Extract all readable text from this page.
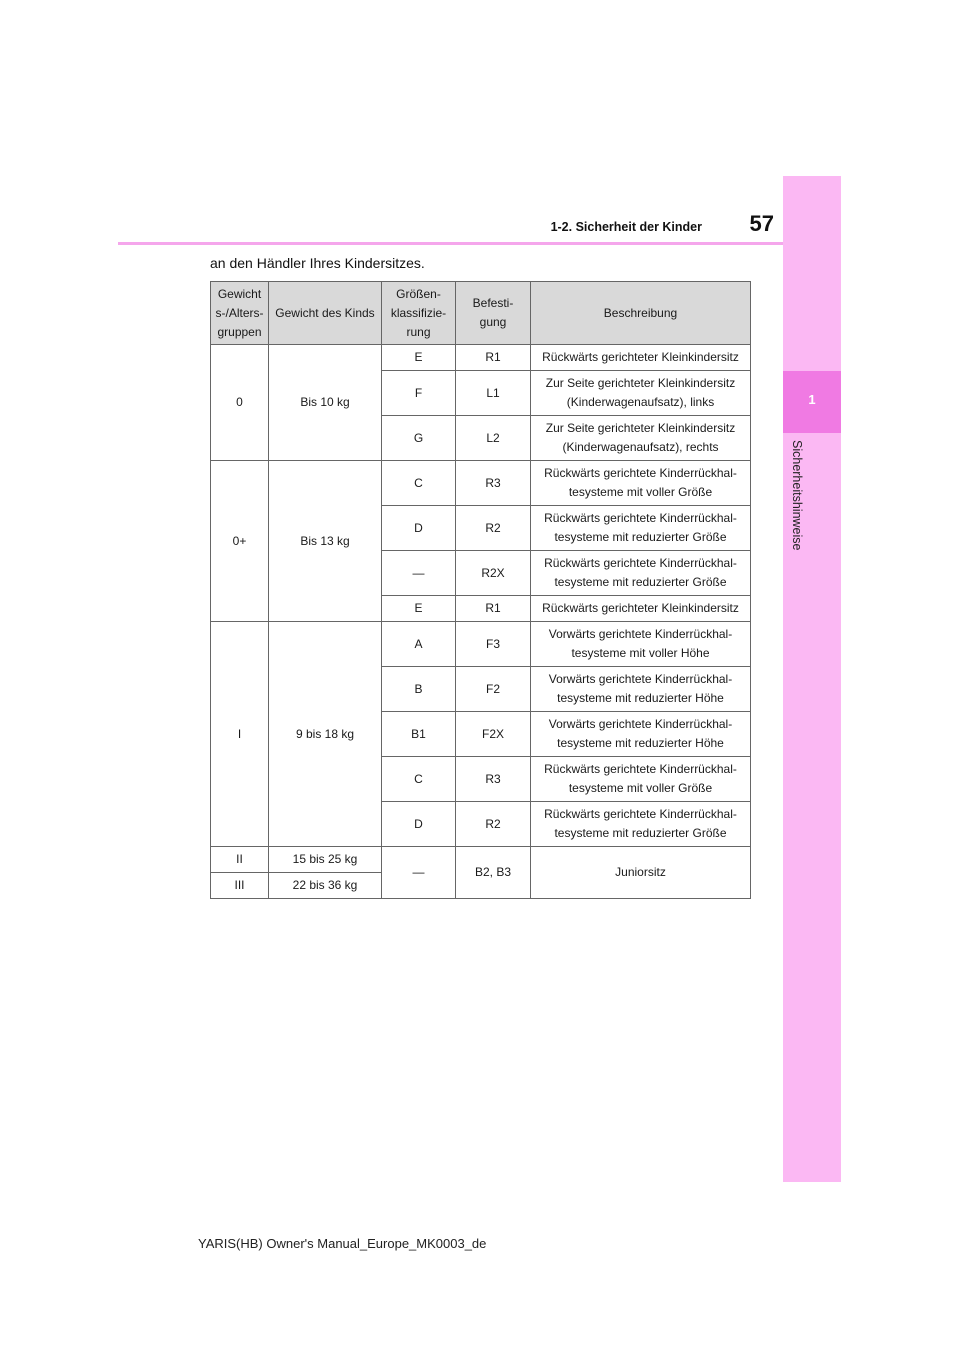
1
Sicherheitshinweise
1-2. Sicherheit der Kinder	57
an den Händler Ihres Kindersitzes.
Gewicht s-/Alters- gruppen	Gewicht des Kinds	Größen- klassifizie- rung	Befesti- gung	Beschreibung
0	Bis 10 kg	E	R1	Rückwärts gerichteter Kleinkindersitz
		F	L1	Zur Seite gerichteter Kleinkindersitz (Kinderwagenaufsatz), links
		G	L2	Zur Seite gerichteter Kleinkindersitz (Kinderwagenaufsatz), rechts
0+	Bis 13 kg	C	R3	Rückwärts gerichtete Kinderrückhal- tesysteme mit voller Größe
		D	R2	Rückwärts gerichtete Kinderrückhal- tesysteme mit reduzierter Größe
		—	R2X	Rückwärts gerichtete Kinderrückhal- tesysteme mit reduzierter Größe
		E	R1	Rückwärts gerichteter Kleinkindersitz
I	9 bis 18 kg	A	F3	Vorwärts gerichtete Kinderrückhal- tesysteme mit voller Höhe
		B	F2	Vorwärts gerichtete Kinderrückhal- tesysteme mit reduzierter Höhe
		B1	F2X	Vorwärts gerichtete Kinderrückhal- tesysteme mit reduzierter Höhe
		C	R3	Rückwärts gerichtete Kinderrückhal- tesysteme mit voller Größe
		D	R2	Rückwärts gerichtete Kinderrückhal- tesysteme mit reduzierter Größe
II	15 bis 25 kg	—	B2, B3	Juniorsitz
III	22 bis 36 kg			
YARIS(HB) Owner's Manual_Europe_MK0003_de
